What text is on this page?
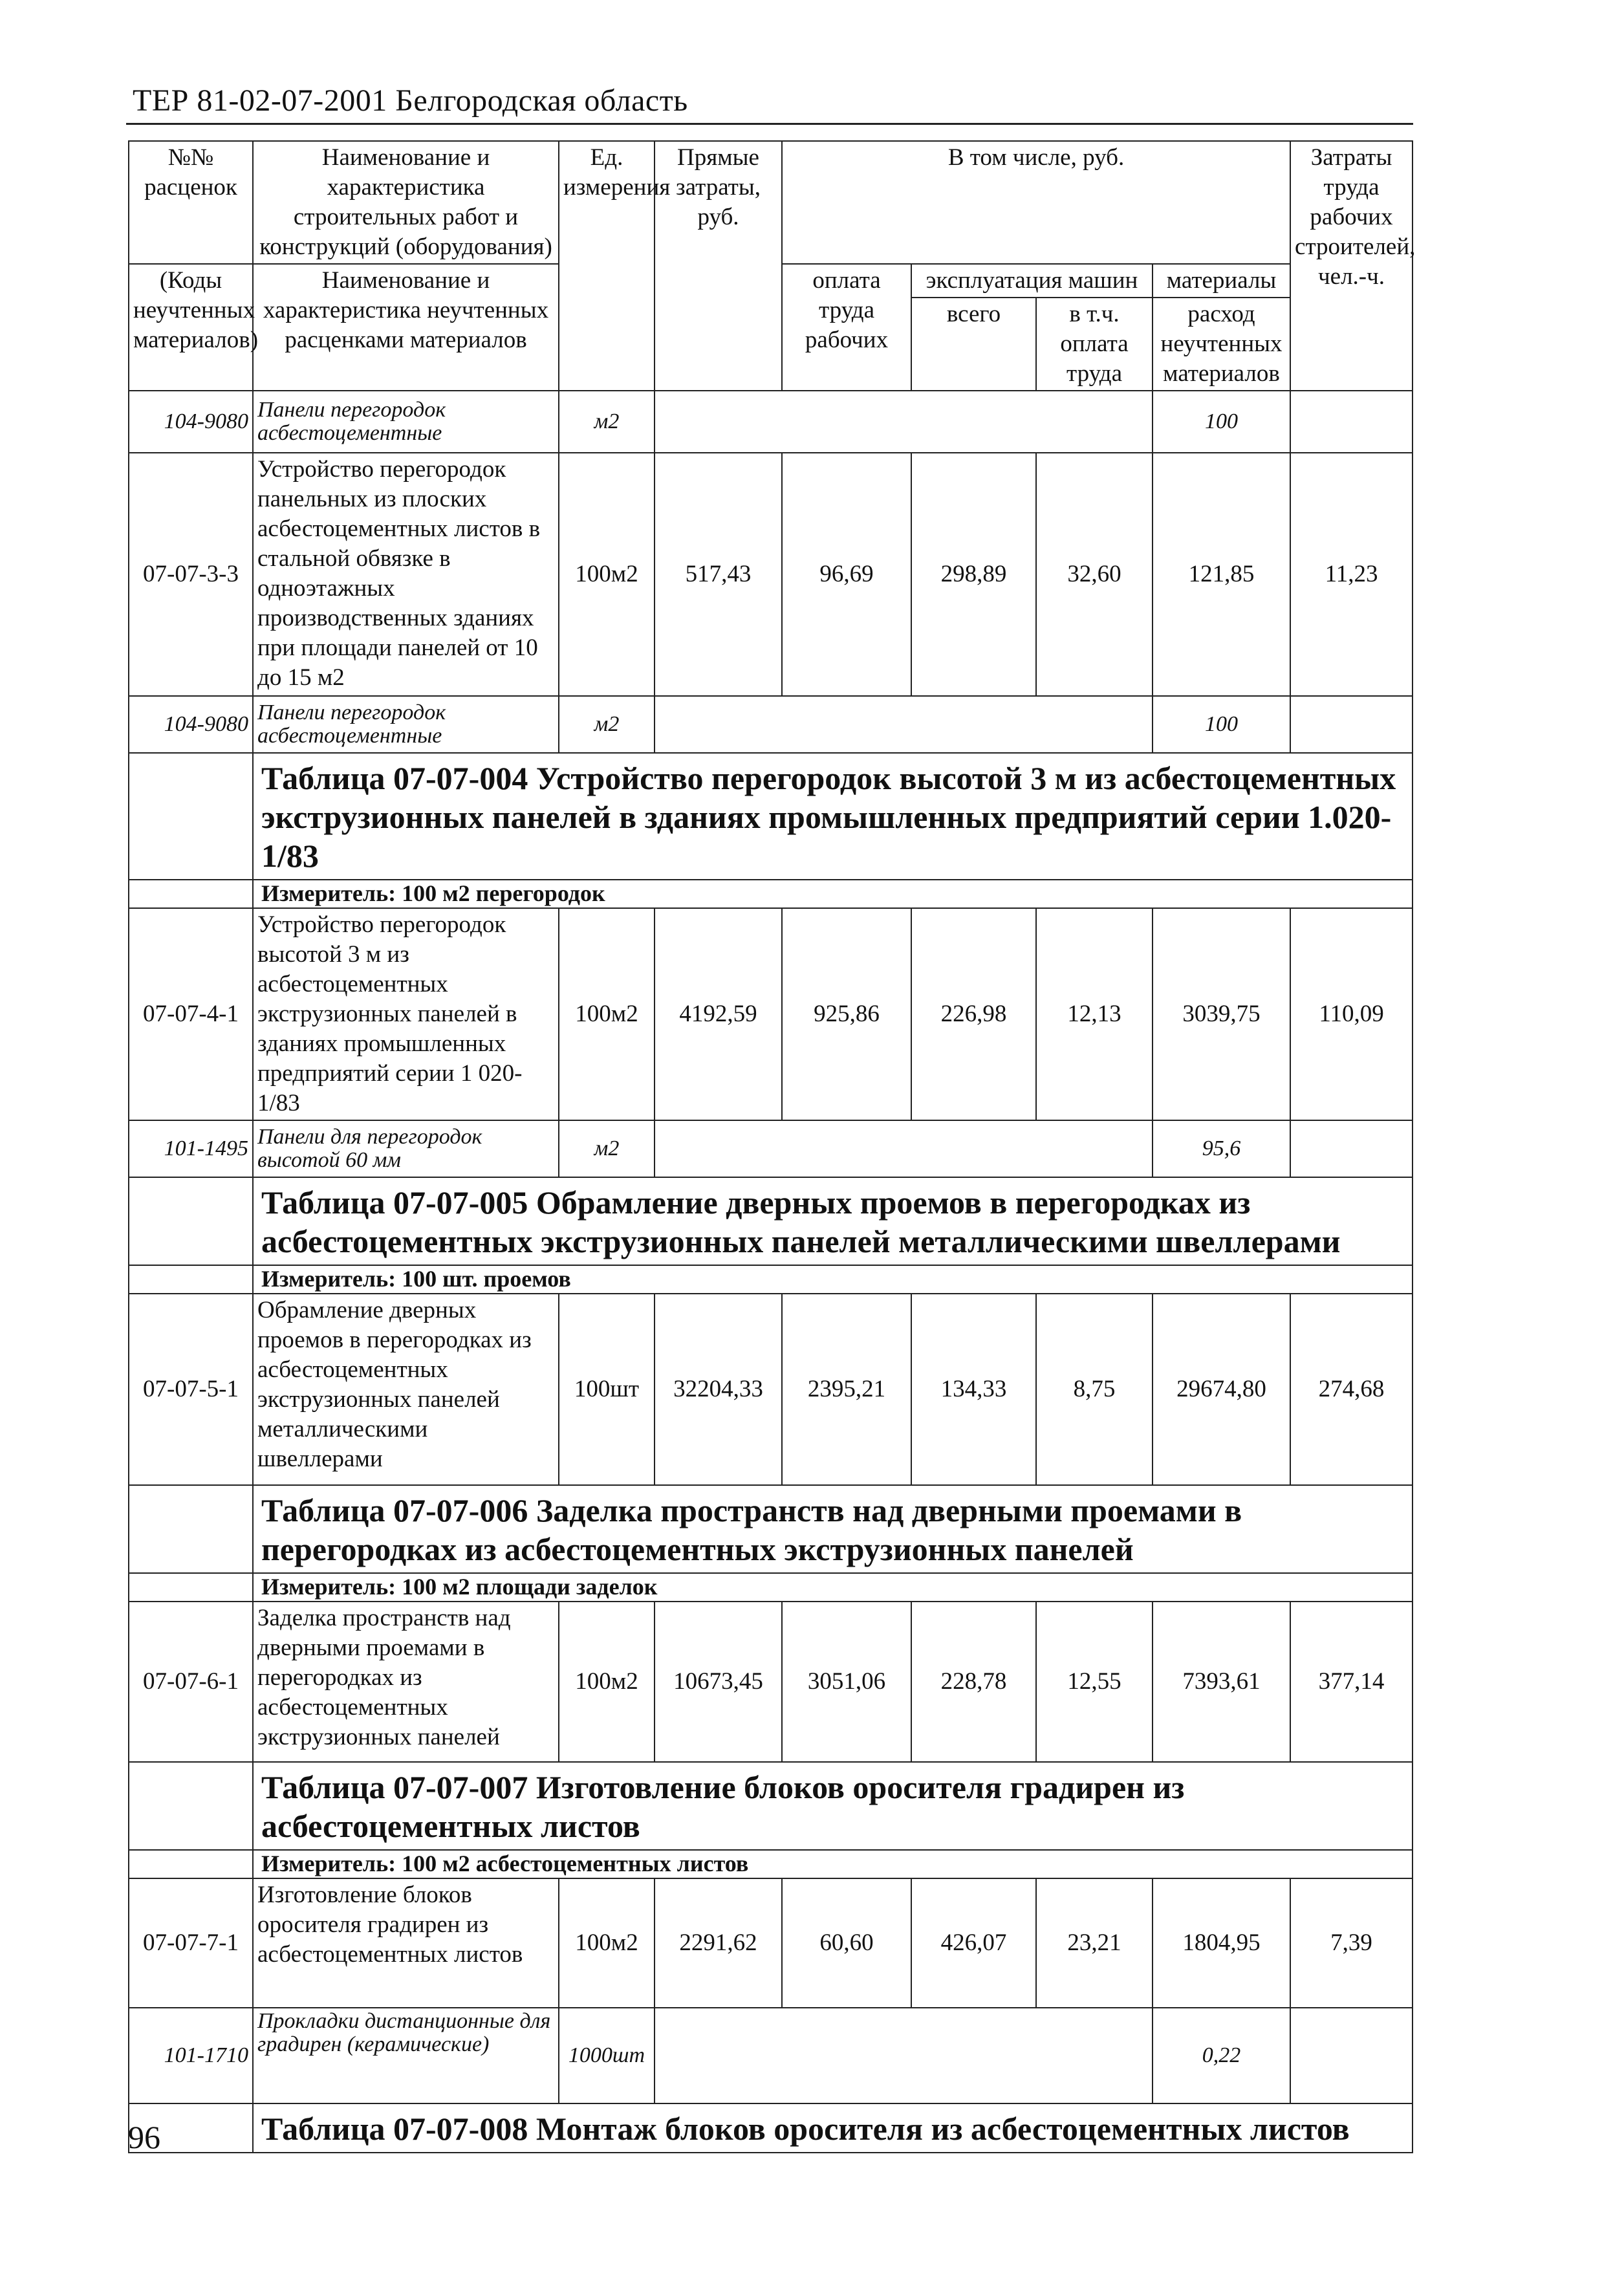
ТЕР 81-02-07-2001 Белгородская область
№№ расценок	Наименование и характеристика строительных работ и конструкций (оборудования)	Ед. измерения	Прямые затраты, руб.	В том числе, руб.				Затраты труда рабочих строителей, чел.-ч.
(Коды неучтенных материалов)	Наименование и характеристика неучтенных расценками материалов			оплата труда рабочих	эксплуатация машин		материалы	
					всего	в т.ч. оплата труда	расход неучтенных материалов	
104-9080	Панели перегородок асбестоцементные	м2					100	
07-07-3-3	Устройство перегородок панельных из плоских асбестоцементных листов в стальной обвязке в одноэтажных производственных зданиях при площади панелей от 10 до 15 м2	100м2	517,43	96,69	298,89	32,60	121,85	11,23
104-9080	Панели перегородок асбестоцементные	м2					100	
	Таблица 07-07-004 Устройство перегородок высотой 3 м из асбестоцементных экструзионных панелей в зданиях промышленных предприятий серии 1.020-1/83							
	Измеритель: 100 м2 перегородок							
07-07-4-1	Устройство перегородок высотой 3 м из асбестоцементных экструзионных панелей в зданиях промышленных предприятий серии 1 020-1/83	100м2	4192,59	925,86	226,98	12,13	3039,75	110,09
101-1495	Панели для перегородок высотой 60 мм	м2					95,6	
	Таблица 07-07-005 Обрамление дверных проемов в перегородках из асбестоцементных экструзионных панелей металлическими швеллерами							
	Измеритель: 100 шт. проемов							
07-07-5-1	Обрамление дверных проемов в перегородках из асбестоцементных экструзионных панелей металлическими швеллерами	100шт	32204,33	2395,21	134,33	8,75	29674,80	274,68
	Таблица 07-07-006 Заделка пространств над дверными проемами в перегородках из асбестоцементных экструзионных панелей							
	Измеритель: 100 м2 площади заделок							
07-07-6-1	Заделка пространств над дверными проемами в перегородках из асбестоцементных экструзионных панелей	100м2	10673,45	3051,06	228,78	12,55	7393,61	377,14
	Таблица 07-07-007 Изготовление блоков оросителя градирен из асбестоцементных листов							
	Измеритель: 100 м2 асбестоцементных листов							
07-07-7-1	Изготовление блоков оросителя градирен из асбестоцементных листов	100м2	2291,62	60,60	426,07	23,21	1804,95	7,39
101-1710	Прокладки дистанционные для градирен (керамические)	1000шт					0,22	
	Таблица 07-07-008 Монтаж блоков оросителя из асбестоцементных листов							
96
